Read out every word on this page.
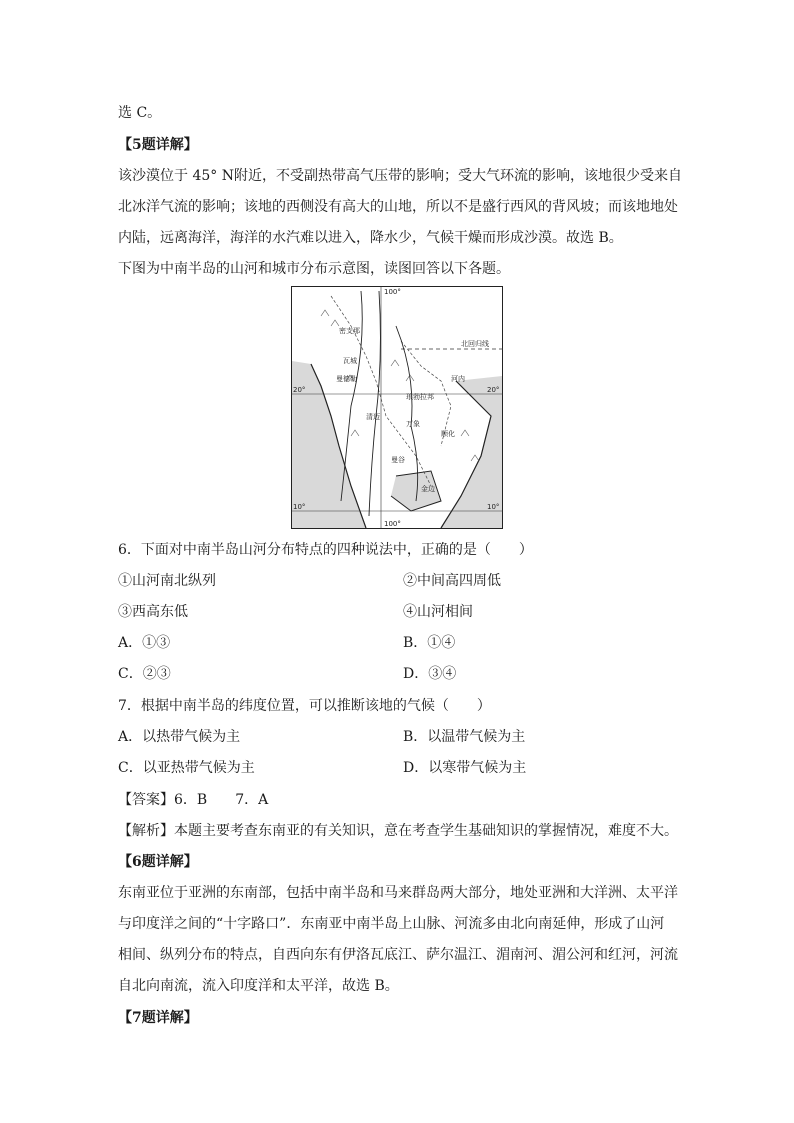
选 C。
【5题详解】
该沙漠位于 45° N附近，不受副热带高气压带的影响；受大气环流的影响，该地很少受来自
北冰洋气流的影响；该地的西侧没有高大的山地，所以不是盛行西风的背风坡；而该地地处
内陆，远离海洋，海洋的水汽难以进入，降水少，气候干燥而形成沙漠。故选 B。
下图为中南半岛的山河和城市分布示意图，读图回答以下各题。
100°
100°
20°	20°
10°	10°
北回归线
密支那
瓦城
曼德勒	河内
琅勃拉邦
清迈
万象
顺化
曼谷
金边
6．下面对中南半岛山河分布特点的四种说法中，正确的是（　　）
①山河南北纵列	②中间高四周低
③西高东低	④山河相间
A．①③	B．①④
C．②③	D．③④
7．根据中南半岛的纬度位置，可以推断该地的气候（　　）
A．以热带气候为主	B．以温带气候为主
C．以亚热带气候为主	D．以寒带气候为主
【答案】6．B　　7．A
【解析】本题主要考查东南亚的有关知识，意在考查学生基础知识的掌握情况，难度不大。
【6题详解】
东南亚位于亚洲的东南部，包括中南半岛和马来群岛两大部分，地处亚洲和大洋洲、太平洋
与印度洋之间的“十字路口”．东南亚中南半岛上山脉、河流多由北向南延伸，形成了山河
相间、纵列分布的特点，自西向东有伊洛瓦底江、萨尔温江、湄南河、湄公河和红河，河流
自北向南流，流入印度洋和太平洋，故选 B。
【7题详解】
